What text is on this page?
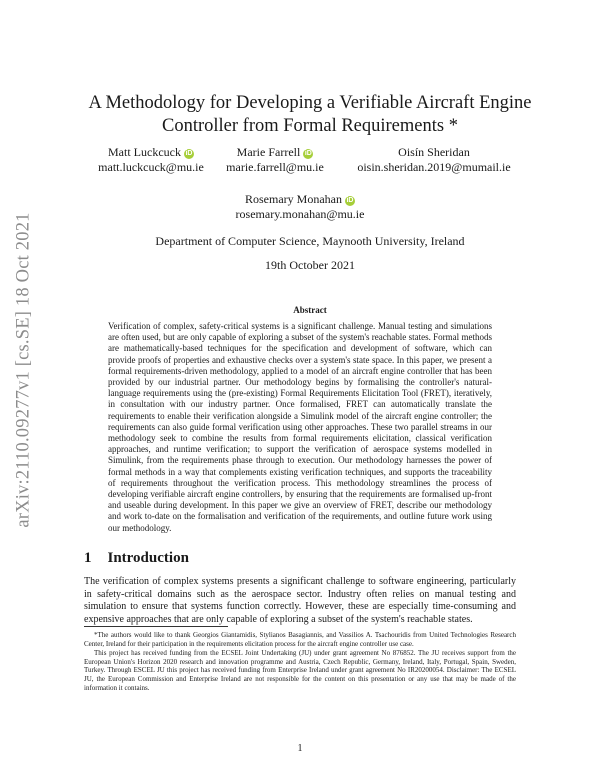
arXiv:2110.09277v1 [cs.SE] 18 Oct 2021
A Methodology for Developing a Verifiable Aircraft Engine
Controller from Formal Requirements *
Matt Luckcuck iD
matt.luckcuck@mu.ie
Marie Farrell iD
marie.farrell@mu.ie
Oisín Sheridan
oisin.sheridan.2019@mumail.ie
Rosemary Monahan iD
rosemary.monahan@mu.ie
Department of Computer Science, Maynooth University, Ireland
19th October 2021
Abstract
Verification of complex, safety-critical systems is a significant challenge. Manual testing and simulations are often used, but are only capable of exploring a subset of the system's reachable states. Formal methods are mathematically-based techniques for the specification and development of software, which can provide proofs of properties and exhaustive checks over a system's state space. In this paper, we present a formal requirements-driven methodology, applied to a model of an aircraft engine controller that has been provided by our industrial partner. Our methodology begins by formalising the controller's natural-language requirements using the (pre-existing) Formal Requirements Elicitation Tool (FRET), iteratively, in consultation with our industry partner. Once formalised, FRET can automatically translate the requirements to enable their verification alongside a Simulink model of the aircraft engine controller; the requirements can also guide formal verification using other approaches. These two parallel streams in our methodology seek to combine the results from formal requirements elicitation, classical verification approaches, and runtime verification; to support the verification of aerospace systems modelled in Simulink, from the requirements phase through to execution. Our methodology harnesses the power of formal methods in a way that complements existing verification techniques, and supports the traceability of requirements throughout the verification process. This methodology streamlines the process of developing verifiable aircraft engine controllers, by ensuring that the requirements are formalised up-front and useable during development. In this paper we give an overview of FRET, describe our methodology and work to-date on the formalisation and verification of the requirements, and outline future work using our methodology.
1 Introduction
The verification of complex systems presents a significant challenge to software engineering, particularly in safety-critical domains such as the aerospace sector. Industry often relies on manual testing and simulation to ensure that systems function correctly. However, these are especially time-consuming and expensive approaches that are only capable of exploring a subset of the system's reachable states.

*The authors would like to thank Georgios Giantamidis, Stylianos Basagiannis, and Vassilios A. Tsachouridis from United Technologies Research Center, Ireland for their participation in the requirements elicitation process for the aircraft engine controller use case.

This project has received funding from the ECSEL Joint Undertaking (JU) under grant agreement No 876852. The JU receives support from the European Union's Horizon 2020 research and innovation programme and Austria, Czech Republic, Germany, Ireland, Italy, Portugal, Spain, Sweden, Turkey. Through ESCEL JU this project has received funding from Enterprise Ireland under grant agreement No IR20200054. Disclaimer: The ECSEL JU, the European Commission and Enterprise Ireland are not responsible for the content on this presentation or any use that may be made of the information it contains.

1
